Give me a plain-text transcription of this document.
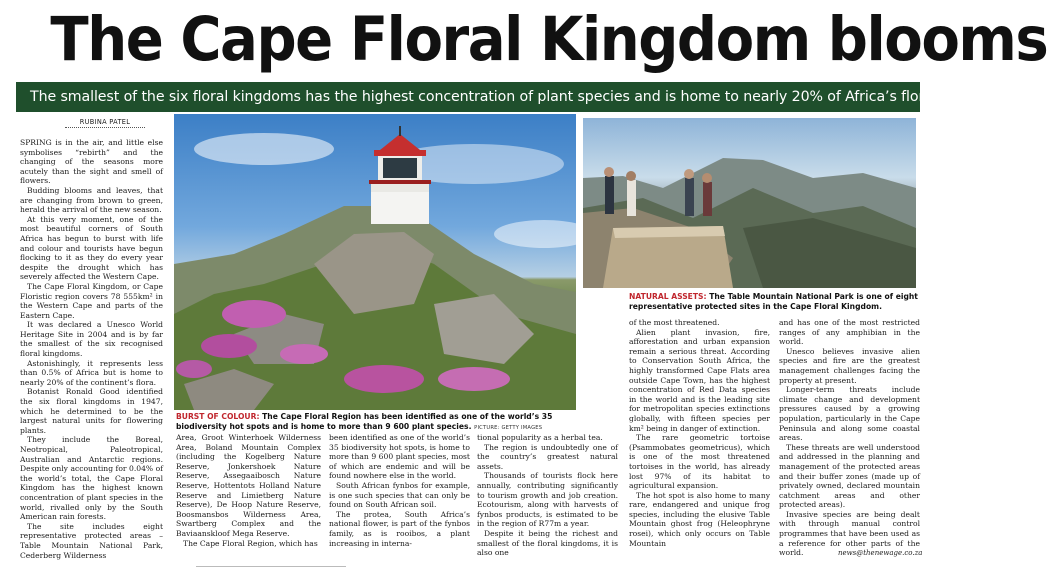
The Cape Floral Kingdom blooms
The smallest of the six floral kingdoms has the highest concentration of plant species and is home to nearly 20% of Africa’s flora
RUBINA PATEL

SPRING is in the air, and little else symbolises “rebirth” and the changing of the seasons more acutely than the sight and smell of flowers.

Budding blooms and leaves, that are changing from brown to green, herald the arrival of the new season.

At this very moment, one of the most beautiful corners of South Africa has begun to burst with life and colour and tourists have begun flocking to it as they do every year despite the drought which has severely affected the Western Cape.

The Cape Floral Kingdom, or Cape Floristic region covers 78 555km² in the Western Cape and parts of the Eastern Cape.

It was declared a Unesco World Heritage Site in 2004 and is by far the smallest of the six recognised floral kingdoms.

Astonishingly, it represents less than 0.5% of Africa but is home to nearly 20% of the continent’s flora.

Botanist Ronald Good identified the six floral kingdoms in 1947, which he determined to be the largest natural units for flowering plants.

They include the Boreal, Neotropical, Paleotropical, Australian and Antarctic regions. Despite only accounting for 0.04% of the world’s total, the Cape Floral Kingdom has the highest known concentration of plant species in the world, rivalled only by the South American rain forests.

The site includes eight representative protected areas – Table Mountain National Park, Cederberg Wilderness

BURST OF COLOUR: The Cape Floral Region has been identified as one of the world’s 35 biodiversity hot spots and is home to more than 9 600 plant species. PICTURE: GETTY IMAGES
NATURAL ASSETS: The Table Mountain National Park is one of eight representative protected sites in the Cape Floral Kingdom.

Area, Groot Winterhoek Wilderness Area, Boland Mountain Complex (including the Kogelberg Nature Reserve, Jonkershoek Nature Reserve, Assegaaibosch Nature Reserve, Hottentots Holland Nature Reserve and Limietberg Nature Reserve), De Hoop Nature Reserve, Boosmansbos Wilderness Area, Swartberg Complex and the Baviaanskloof Mega Reserve.

The Cape Floral Region, which has

been identified as one of the world’s 35 biodiversity hot spots, is home to more than 9 600 plant species, most of which are endemic and will be found nowhere else in the world.

South African fynbos for example, is one such species that can only be found on South African soil.

The protea, South Africa’s national flower, is part of the fynbos family, as is rooibos, a plant increasing in interna-

tional popularity as a herbal tea.

The region is undoubtedly one of the country’s greatest natural assets.

Thousands of tourists flock here annually, contributing significantly to tourism growth and job creation. Ecotourism, along with harvests of fynbos products, is estimated to be in the region of R77m a year.

Despite it being the richest and smallest of the floral kingdoms, it is also one

of the most threatened.

Alien plant invasion, fire, afforestation and urban expansion remain a serious threat. According to Conservation South Africa, the highly transformed Cape Flats area outside Cape Town, has the highest concentration of Red Data species in the world and is the leading site for metropolitan species extinctions globally, with fifteen species per km² being in danger of extinction.

The rare geometric tortoise (Psammobates geometricus), which is one of the most threatened tortoises in the world, has already lost 97% of its habitat to agricultural expansion.

The hot spot is also home to many rare, endangered and unique frog species, including the elusive Table Mountain ghost frog (Heleophryne rosei), which only occurs on Table Mountain

and has one of the most restricted ranges of any amphibian in the world.

Unesco believes invasive alien species and fire are the greatest management challenges facing the property at present.

Longer-term threats include climate change and development pressures caused by a growing population, particularly in the Cape Peninsula and along some coastal areas.

These threats are well understood and addressed in the planning and management of the protected areas and their buffer zones (made up of privately owned, declared mountain catchment areas and other protected areas).

Invasive species are being dealt with through manual control programmes that have been used as a reference for other parts of the world.	news@thenewage.co.za
